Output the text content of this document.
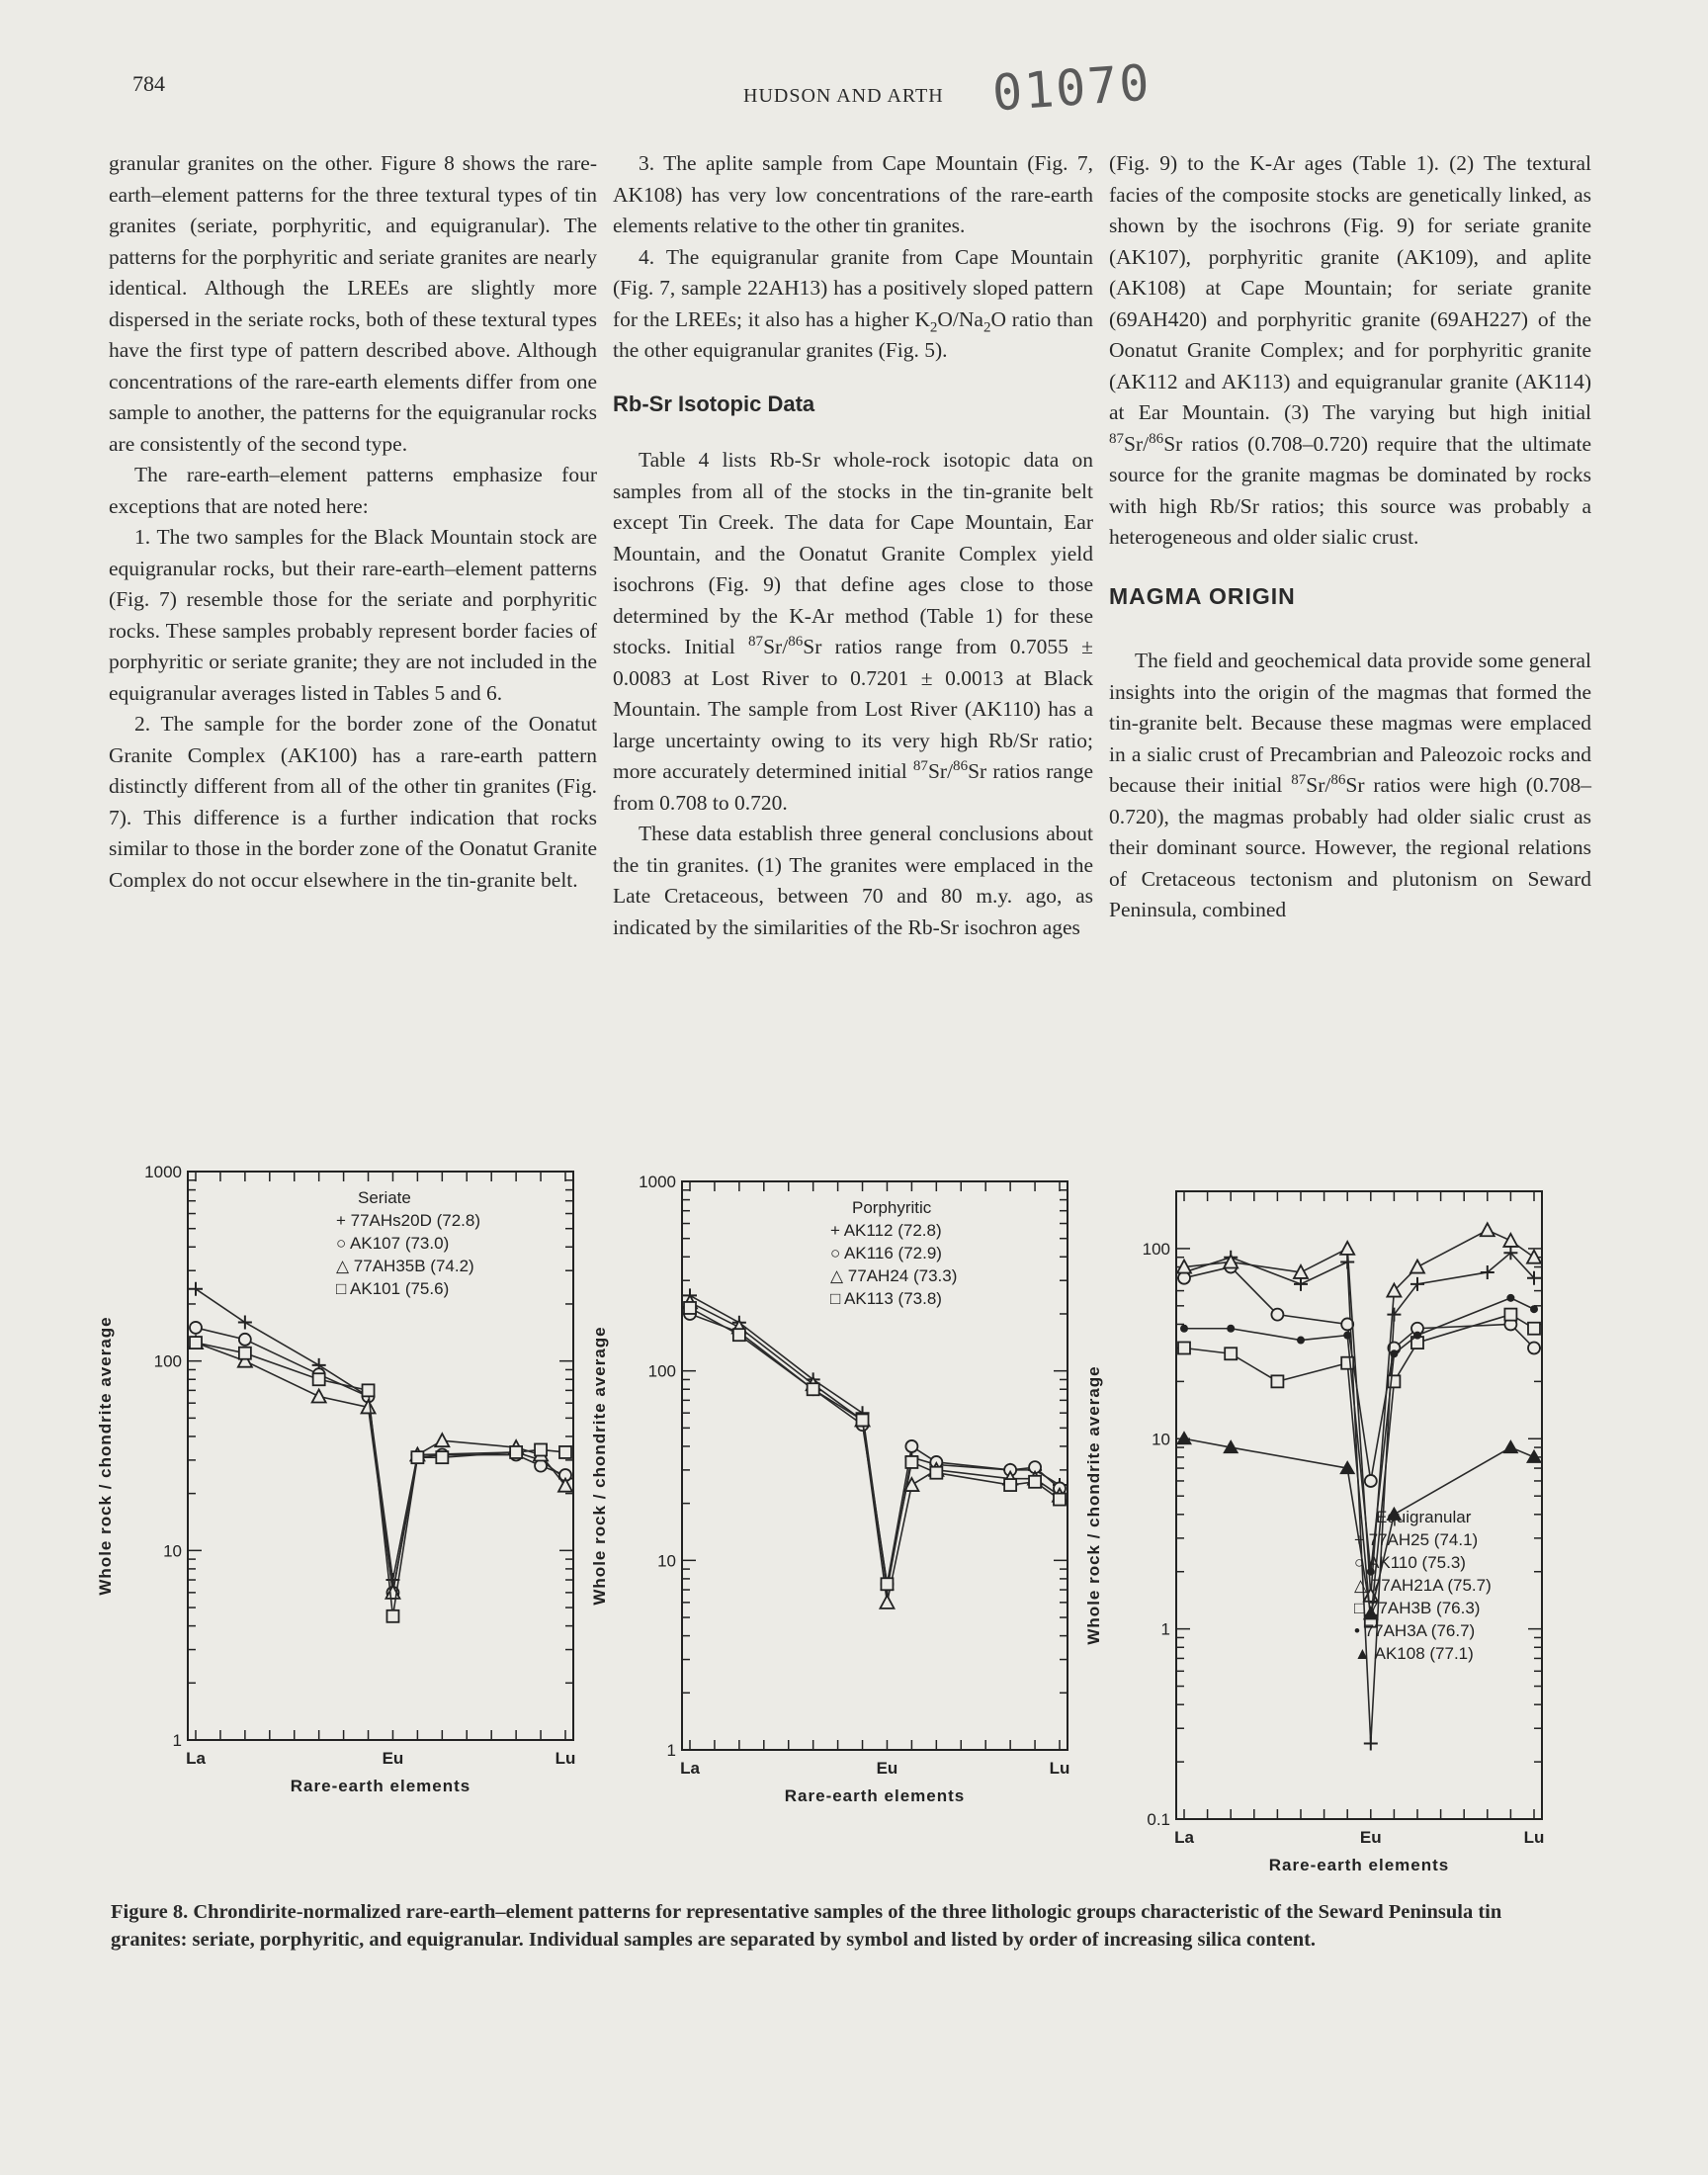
784	HUDSON AND ARTH 01070

granular granites on the other. Figure 8 shows the rare-earth–element patterns for the three textural types of tin granites (seriate, porphyritic, and equigranular). The patterns for the porphyritic and seriate granites are nearly identical. Although the LREEs are slightly more dispersed in the seriate rocks, both of these textural types have the first type of pattern described above. Although concentrations of the rare-earth elements differ from one sample to another, the patterns for the equigranular rocks are consistently of the second type.

The rare-earth–element patterns emphasize four exceptions that are noted here:

1. The two samples for the Black Mountain stock are equigranular rocks, but their rare-earth–element patterns (Fig. 7) resemble those for the seriate and porphyritic rocks. These samples probably represent border facies of porphyritic or seriate granite; they are not included in the equigranular averages listed in Tables 5 and 6.

2. The sample for the border zone of the Oonatut Granite Complex (AK100) has a rare-earth pattern distinctly different from all of the other tin granites (Fig. 7). This difference is a further indication that rocks similar to those in the border zone of the Oonatut Granite Complex do not occur elsewhere in the tin-granite belt.

3. The aplite sample from Cape Mountain (Fig. 7, AK108) has very low concentrations of the rare-earth elements relative to the other tin granites.

4. The equigranular granite from Cape Mountain (Fig. 7, sample 22AH13) has a positively sloped pattern for the LREEs; it also has a higher $K_2O/Na_2O$ ratio than the other equigranular granites (Fig. 5).

Rb-Sr Isotopic Data

Table 4 lists Rb-Sr whole-rock isotopic data on samples from all of the stocks in the tin-granite belt except Tin Creek. The data for Cape Mountain, Ear Mountain, and the Oonatut Granite Complex yield isochrons (Fig. 9) that define ages close to those determined by the K-Ar method (Table 1) for these stocks. Initial $^{87}$Sr/$^{86}$Sr ratios range from 0.7055 ± 0.0083 at Lost River to 0.7201 ± 0.0013 at Black Mountain. The sample from Lost River (AK110) has a large uncertainty owing to its very high Rb/Sr ratio; more accurately determined initial $^{87}$Sr/$^{86}$Sr ratios range from 0.708 to 0.720.

These data establish three general conclusions about the tin granites. (1) The granites were emplaced in the Late Cretaceous, between 70 and 80 m.y. ago, as indicated by the similarities of the Rb-Sr isochron ages

(Fig. 9) to the K-Ar ages (Table 1). (2) The textural facies of the composite stocks are genetically linked, as shown by the isochrons (Fig. 9) for seriate granite (AK107), porphyritic granite (AK109), and aplite (AK108) at Cape Mountain; for seriate granite (69AH420) and porphyritic granite (69AH227) of the Oonatut Granite Complex; and for porphyritic granite (AK112 and AK113) and equigranular granite (AK114) at Ear Mountain. (3) The varying but high initial $^{87}$Sr/$^{86}$Sr ratios (0.708–0.720) require that the ultimate source for the granite magmas be dominated by rocks with high Rb/Sr ratios; this source was probably a heterogeneous and older sialic crust.

MAGMA ORIGIN

The field and geochemical data provide some general insights into the origin of the magmas that formed the tin-granite belt. Because these magmas were emplaced in a sialic crust of Precambrian and Paleozoic rocks and because their initial $^{87}$Sr/$^{86}$Sr ratios were high (0.708–0.720), the magmas probably had older sialic crust as their dominant source. However, the regional relations of Cretaceous tectonism and plutonism on Seward Peninsula, combined

1000
100
10
1
La	Eu	Lu
Rare-earth elements
Whole rock / chondrite average
Seriate
+ 77AHs20D (72.8)
○ AK107 (73.0)
△ 77AH35B (74.2)
□ AK101 (75.6)
1000
100
10
1
La	Eu	Lu
Rare-earth elements
Whole rock / chondrite average
Porphyritic
+ AK112 (72.8)
○ AK116 (72.9)
△ 77AH24 (73.3)
□ AK113 (73.8)
100
10
1
0.1
La	Eu	Lu
Rare-earth elements
Whole rock / chondrite average	Equigranular
+ 77AH25 (74.1)
○ AK110 (75.3)
△ 77AH21A (75.7)
□ 77AH3B (76.3)
• 77AH3A (76.7)
▲ AK108 (77.1)
Figure 8. Chrondirite-normalized rare-earth–element patterns for representative samples of the three lithologic groups characteristic of the Seward Peninsula tin granites: seriate, porphyritic, and equigranular. Individual samples are separated by symbol and listed by order of increasing silica content.
